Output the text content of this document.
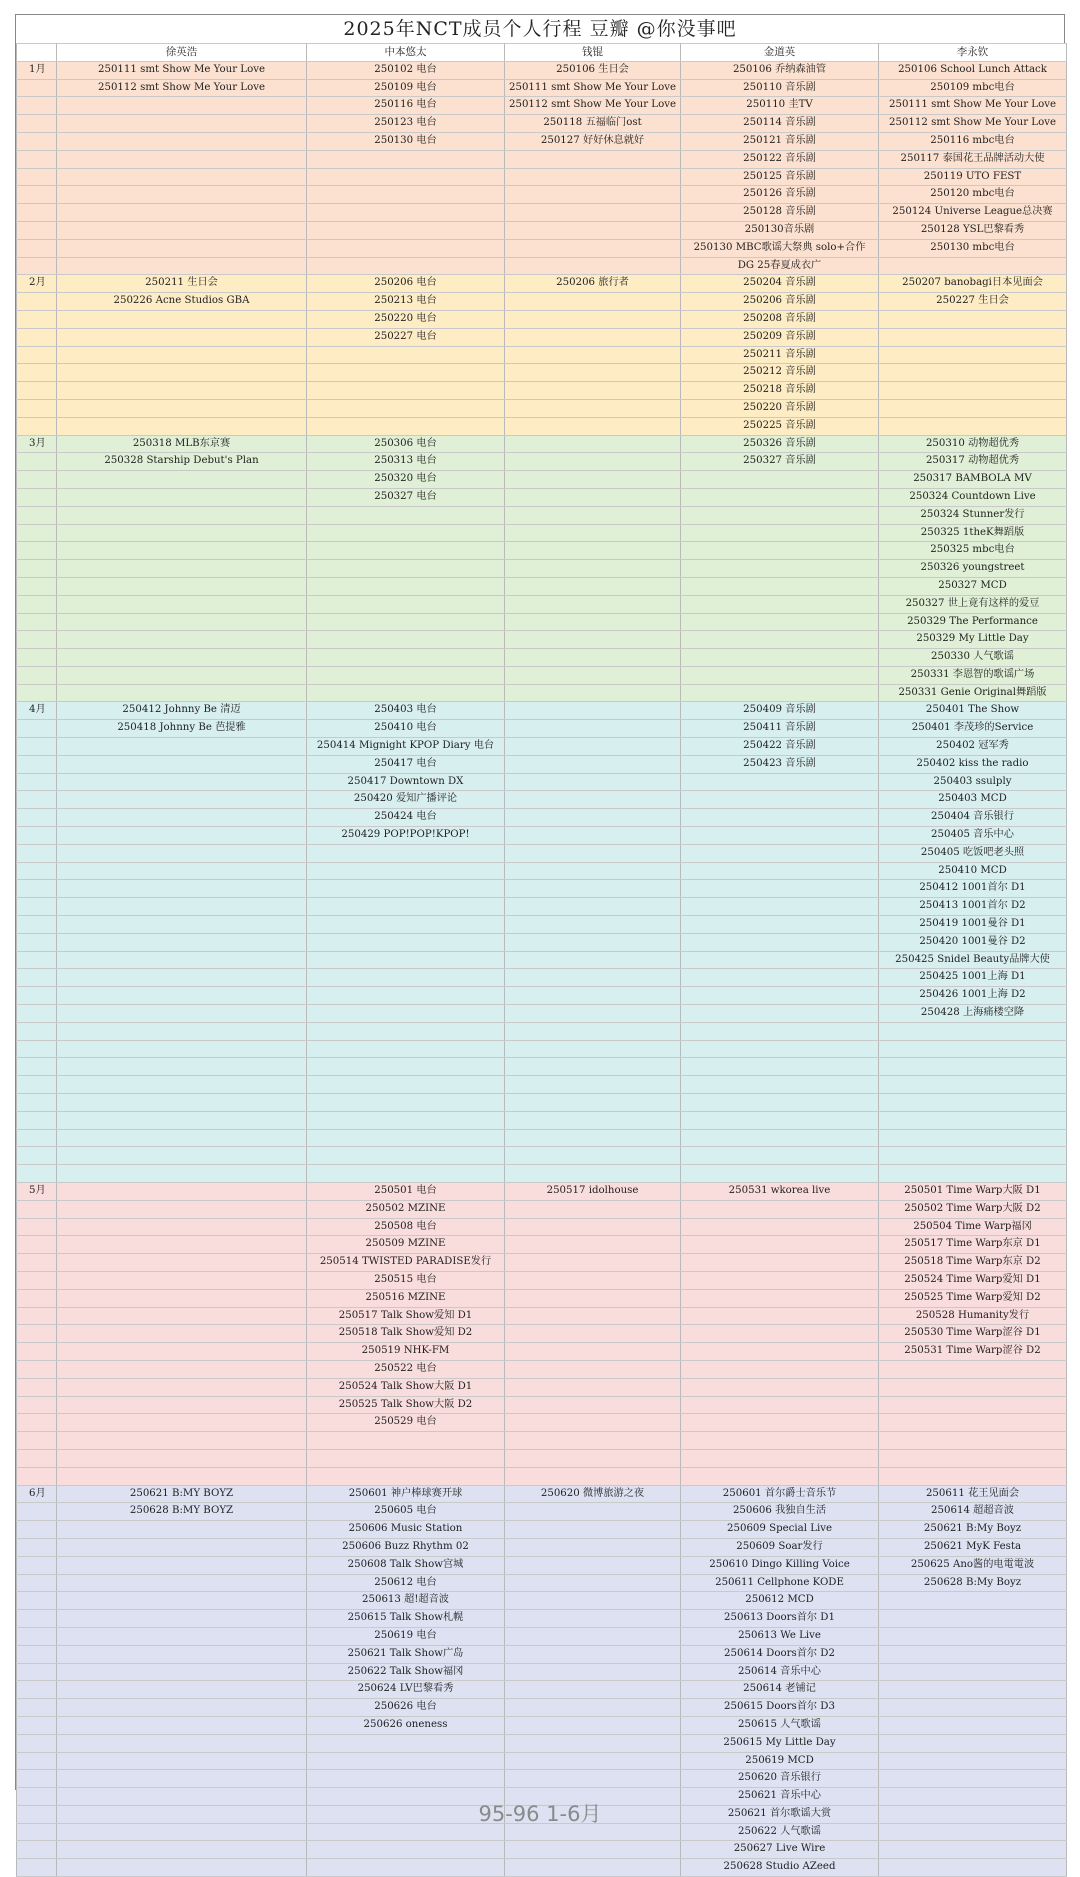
2025年NCT成员个人行程 豆瓣 @你没事吧
	徐英浩	中本悠太	钱锟	金道英	李永钦
1月	250111 smt Show Me Your Love	250102 电台	250106 生日会	250106 乔纳森油管	250106 School Lunch Attack
	250112 smt Show Me Your Love	250109 电台	250111 smt Show Me Your Love	250110 音乐剧	250109 mbc电台
		250116 电台	250112 smt Show Me Your Love	250110 圭TV	250111 smt Show Me Your Love
		250123 电台	250118 五福临门ost	250114 音乐剧	250112 smt Show Me Your Love
		250130 电台	250127 好好休息就好	250121 音乐剧	250116 mbc电台
				250122 音乐剧	250117 泰国花王品牌活动大使
				250125 音乐剧	250119 UTO FEST
				250126 音乐剧	250120 mbc电台
				250128 音乐剧	250124 Universe League总决赛
				250130音乐剧	250128 YSL巴黎看秀
				250130 MBC歌谣大祭典 solo+合作	250130 mbc电台
				DG 25春夏成衣广	
2月	250211 生日会	250206 电台	250206 旅行者	250204 音乐剧	250207 banobagi日本见面会
	250226 Acne Studios GBA	250213 电台		250206 音乐剧	250227 生日会
		250220 电台		250208 音乐剧	
		250227 电台		250209 音乐剧	
				250211 音乐剧	
				250212 音乐剧	
				250218 音乐剧	
				250220 音乐剧	
				250225 音乐剧	
3月	250318 MLB东京赛	250306 电台		250326 音乐剧	250310 动物超优秀
	250328 Starship Debut's Plan	250313 电台		250327 音乐剧	250317 动物超优秀
		250320 电台			250317 BAMBOLA MV
		250327 电台			250324 Countdown Live
					250324 Stunner发行
					250325 1theK舞蹈版
					250325 mbc电台
					250326 youngstreet
					250327 MCD
					250327 世上竟有这样的爱豆
					250329 The Performance
					250329 My Little Day
					250330 人气歌谣
					250331 李恩智的歌谣广场
					250331 Genie Original舞蹈版
4月	250412 Johnny Be 清迈	250403 电台		250409 音乐剧	250401 The Show
	250418 Johnny Be 芭提雅	250410 电台		250411 音乐剧	250401 李茂珍的Service
		250414 Mignight KPOP Diary 电台		250422 音乐剧	250402 冠军秀
		250417 电台		250423 音乐剧	250402 kiss the radio
		250417 Downtown DX			250403 ssulply
		250420 爱知广播评论			250403 MCD
		250424 电台			250404 音乐银行
		250429 POP!POP!KPOP!			250405 音乐中心
					250405 吃饭吧老头照
					250410 MCD
					250412 1001首尔 D1
					250413 1001首尔 D2
					250419 1001曼谷 D1
					250420 1001曼谷 D2
					250425 Snidel Beauty品牌大使
					250425 1001上海 D1
					250426 1001上海 D2
					250428 上海痛楼空降

5月		250501 电台	250517 idolhouse	250531 wkorea live	250501 Time Warp大阪 D1
		250502 MZINE			250502 Time Warp大阪 D2
		250508 电台			250504 Time Warp福冈
		250509 MZINE			250517 Time Warp东京 D1
		250514 TWISTED PARADISE发行			250518 Time Warp东京 D2
		250515 电台			250524 Time Warp爱知 D1
		250516 MZINE			250525 Time Warp爱知 D2
		250517 Talk Show爱知 D1			250528 Humanity发行
		250518 Talk Show爱知 D2			250530 Time Warp涩谷 D1
		250519 NHK-FM			250531 Time Warp涩谷 D2
		250522 电台			
		250524 Talk Show大阪 D1			
		250525 Talk Show大阪 D2			
		250529 电台			

6月	250621 B:MY BOYZ	250601 神户棒球赛开球	250620 微博旅游之夜	250601 首尔爵士音乐节	250611 花王见面会
	250628 B:MY BOYZ	250605 电台		250606 我独自生活	250614 超超音波
		250606 Music Station		250609 Special Live	250621 B:My Boyz
		250606 Buzz Rhythm 02		250609 Soar发行	250621 MyK Festa
		250608 Talk Show宫城		250610 Dingo Killing Voice	250625 Ano酱的电電電波
		250612 电台		250611 Cellphone KODE	250628 B:My Boyz
		250613 超!超音波		250612 MCD	
		250615 Talk Show札幌		250613 Doors首尔 D1	
		250619 电台		250613 We Live	
		250621 Talk Show广岛		250614 Doors首尔 D2	
		250622 Talk Show福冈		250614 音乐中心	
		250624 LV巴黎看秀		250614 老铺记	
		250626 电台		250615 Doors首尔 D3	
		250626 oneness		250615 人气歌谣	
				250615 My Little Day	
				250619 MCD	
				250620 音乐银行	
				250621 音乐中心	
				250621 首尔歌谣大赏	
				250622 人气歌谣	
				250627 Live Wire	
				250628 Studio AZeed	
95-96 1-6月
